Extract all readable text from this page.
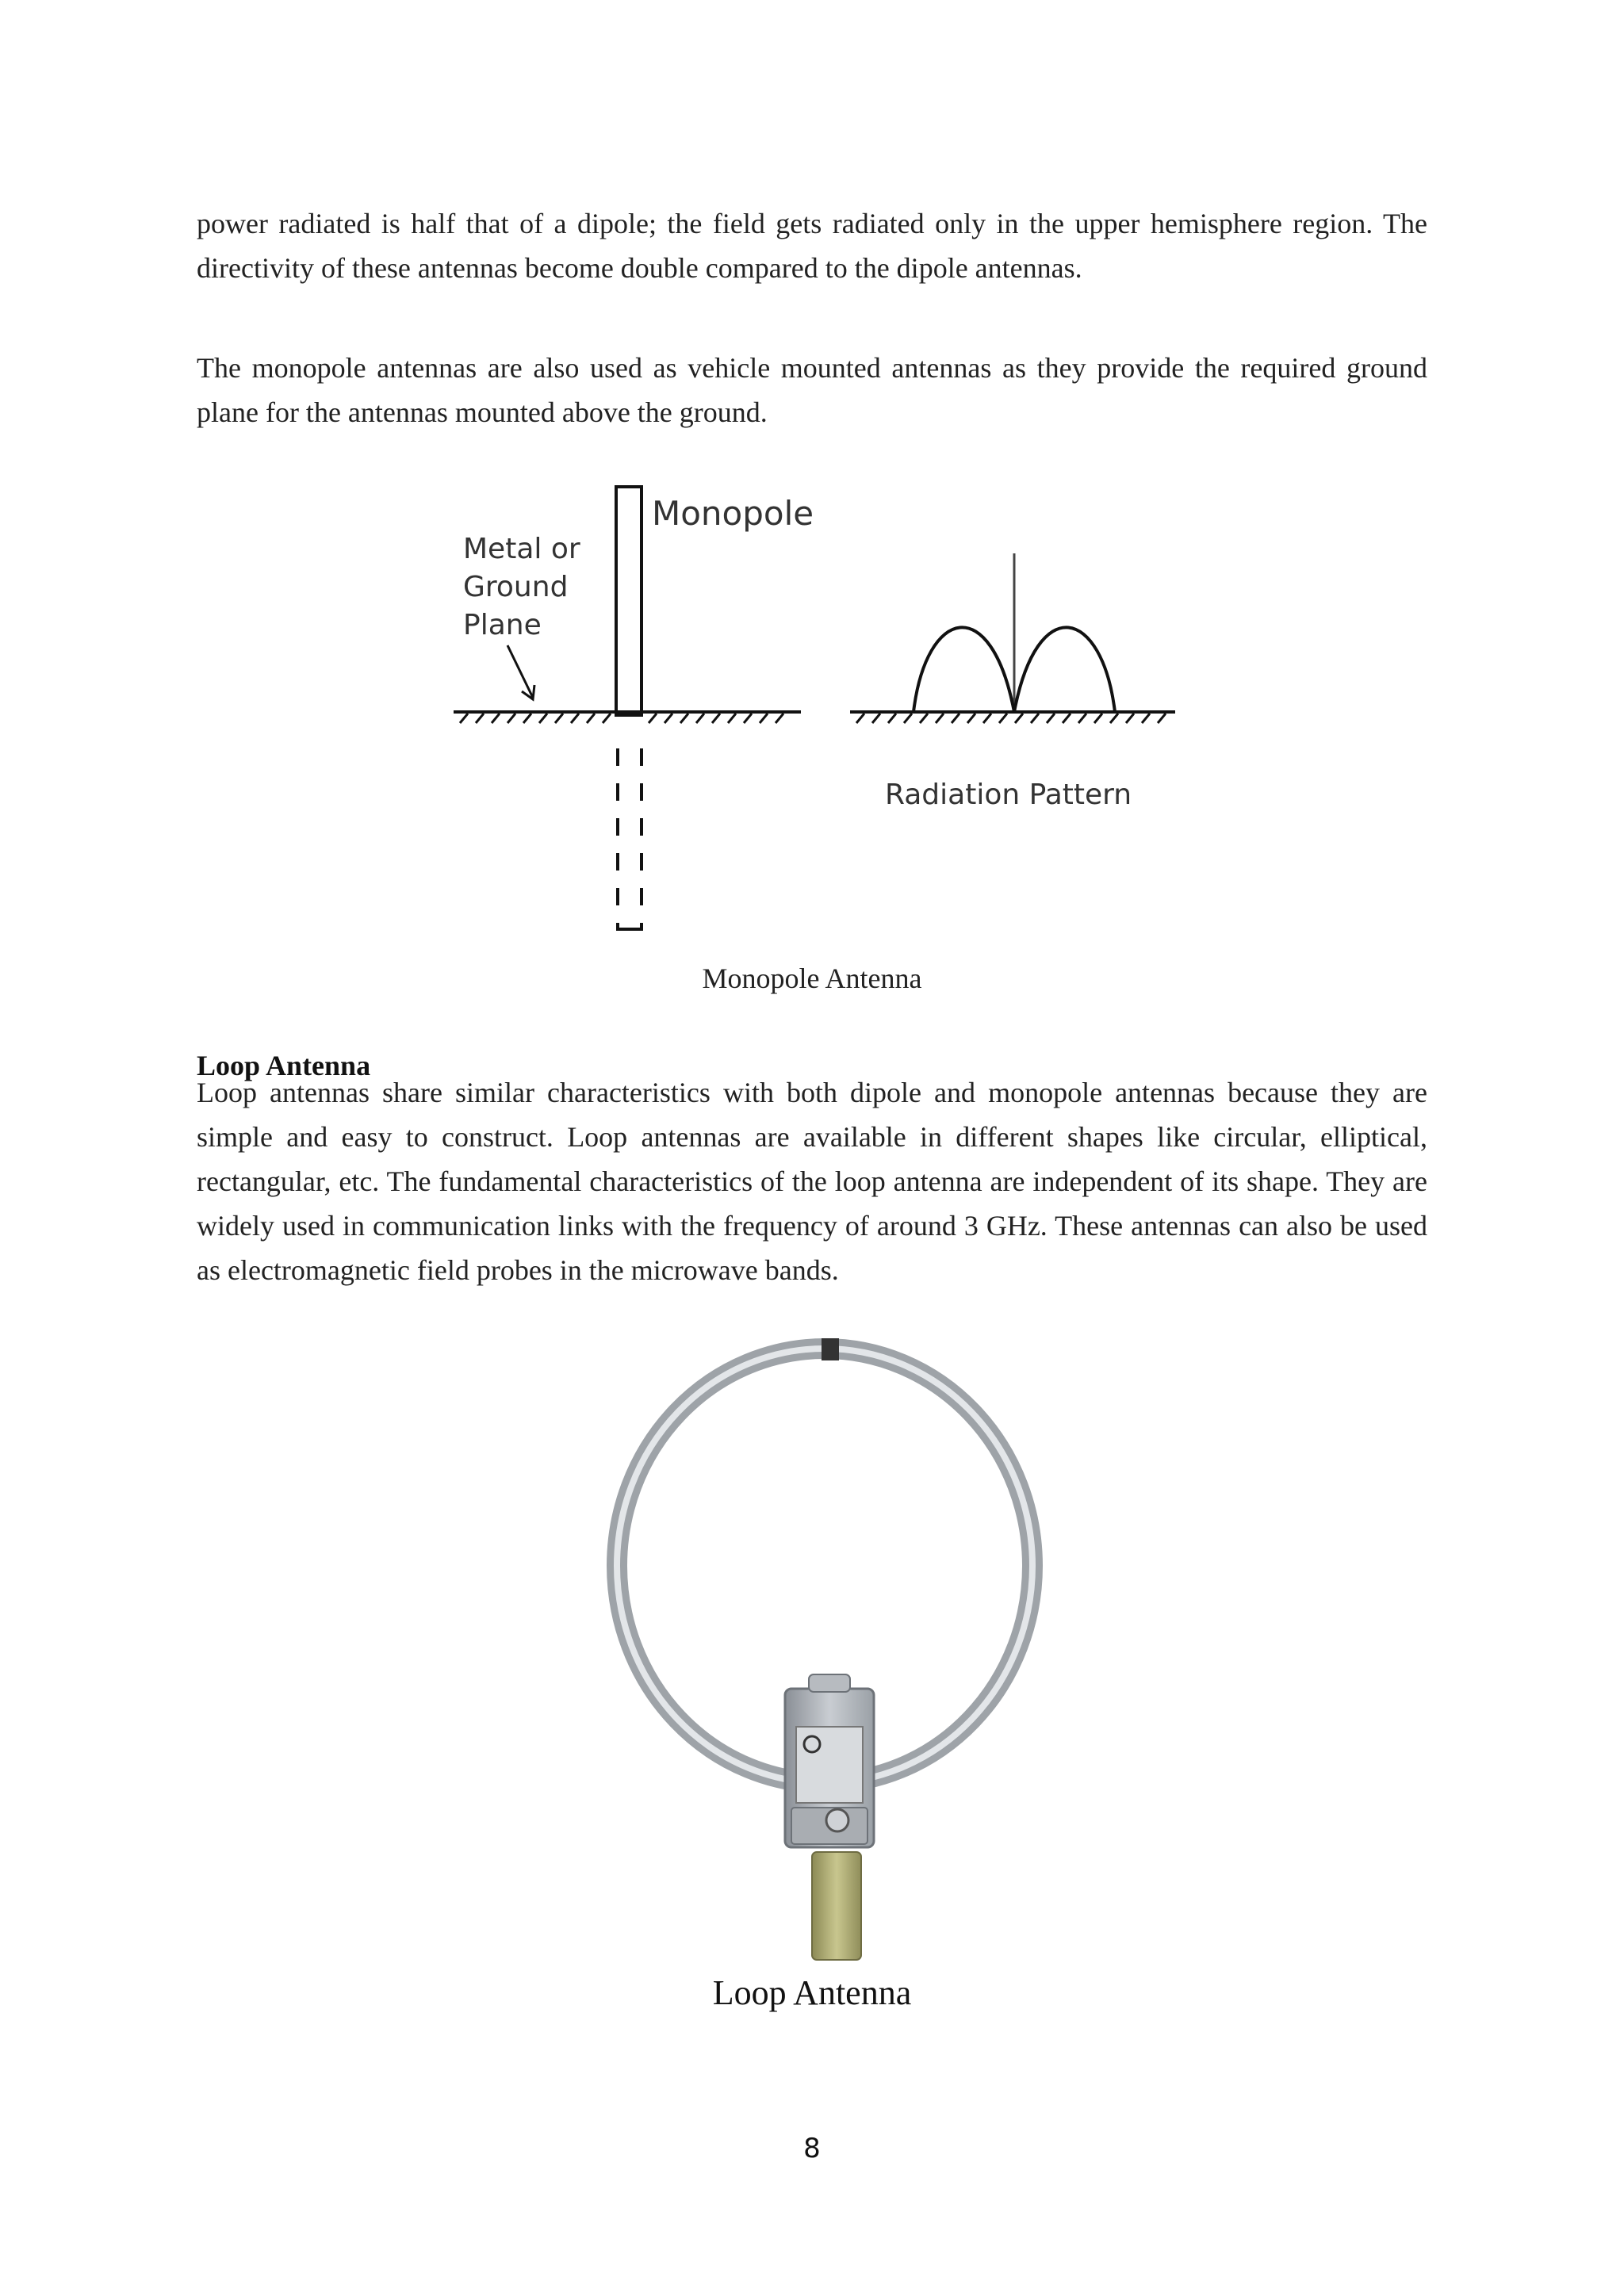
power radiated is half that of a dipole; the field gets radiated only in the upper hemisphere region. The directivity of these antennas become double compared to the dipole antennas.
The monopole antennas are also used as vehicle mounted antennas as they provide the required ground plane for the antennas mounted above the ground.
Monopole
Metal or
Ground
Plane
Radiation Pattern
Monopole Antenna
Loop Antenna
Loop antennas share similar characteristics with both dipole and monopole antennas because they are simple and easy to construct. Loop antennas are available in different shapes like circular, elliptical, rectangular, etc. The fundamental characteristics of the loop antenna are independent of its shape. They are widely used in communication links with the frequency of around 3 GHz. These antennas can also be used as electromagnetic field probes in the microwave bands.
Loop Antenna
8
